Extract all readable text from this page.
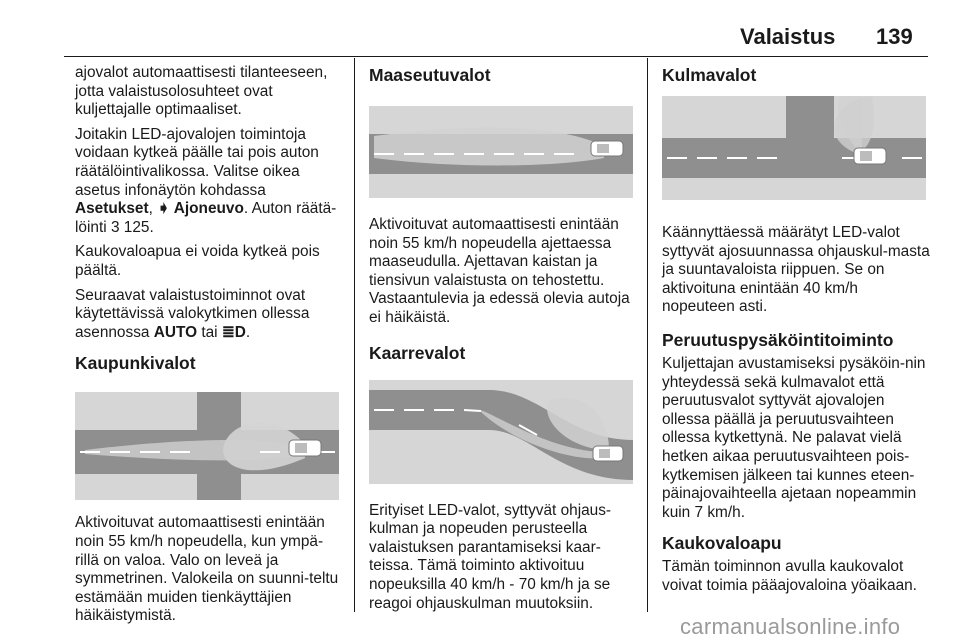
Valaistus 139

ajovalot automaattisesti tilanteeseen, jotta valaistusolosuhteet ovat kuljettajalle optimaaliset.

Joitakin LED-ajovalojen toimintoja voidaan kytkeä päälle tai pois auton räätälöintivalikossa. Valitse oikea asetus infonäytön kohdassa Asetukset, ➧ Ajoneuvo. Auton räätä-löinti 3 125.

Kaukovaloapua ei voida kytkeä pois päältä.

Seuraavat valaistustoiminnot ovat käytettävissä valokytkimen ollessa asennossa AUTO tai ≣D.

Kaupunkivalot

Aktivoituvat automaattisesti enintään noin 55 km/h nopeudella, kun ympä-rillä on valoa. Valo on leveä ja symmetrinen. Valokeila on suunni-teltu estämään muiden tienkäyttäjien häikäistymistä.

Maaseutuvalot

Aktivoituvat automaattisesti enintään noin 55 km/h nopeudella ajettaessa maaseudulla. Ajettavan kaistan ja tiensivun valaistusta on tehostettu. Vastaantulevia ja edessä olevia autoja ei häikäistä.

Kaarrevalot

Erityiset LED-valot, syttyvät ohjaus-kulman ja nopeuden perusteella valaistuksen parantamiseksi kaar-teissa. Tämä toiminto aktivoituu nopeuksilla 40 km/h - 70 km/h ja se reagoi ohjauskulman muutoksiin.

Kulmavalot

Käännyttäessä määrätyt LED-valot syttyvät ajosuunnassa ohjauskul-masta ja suuntavaloista riippuen. Se on aktivoituna enintään 40 km/h nopeuteen asti.

Peruutuspysäköintitoiminto

Kuljettajan avustamiseksi pysäköin-nin yhteydessä sekä kulmavalot että peruutusvalot syttyvät ajovalojen ollessa päällä ja peruutusvaihteen ollessa kytkettynä. Ne palavat vielä hetken aikaa peruutusvaihteen pois-kytkemisen jälkeen tai kunnes eteen-päinajovaihteella ajetaan nopeammin kuin 7 km/h.

Kaukovaloapu

Tämän toiminnon avulla kaukovalot voivat toimia pääajovaloina yöaikaan.

carmanualsonline.info
